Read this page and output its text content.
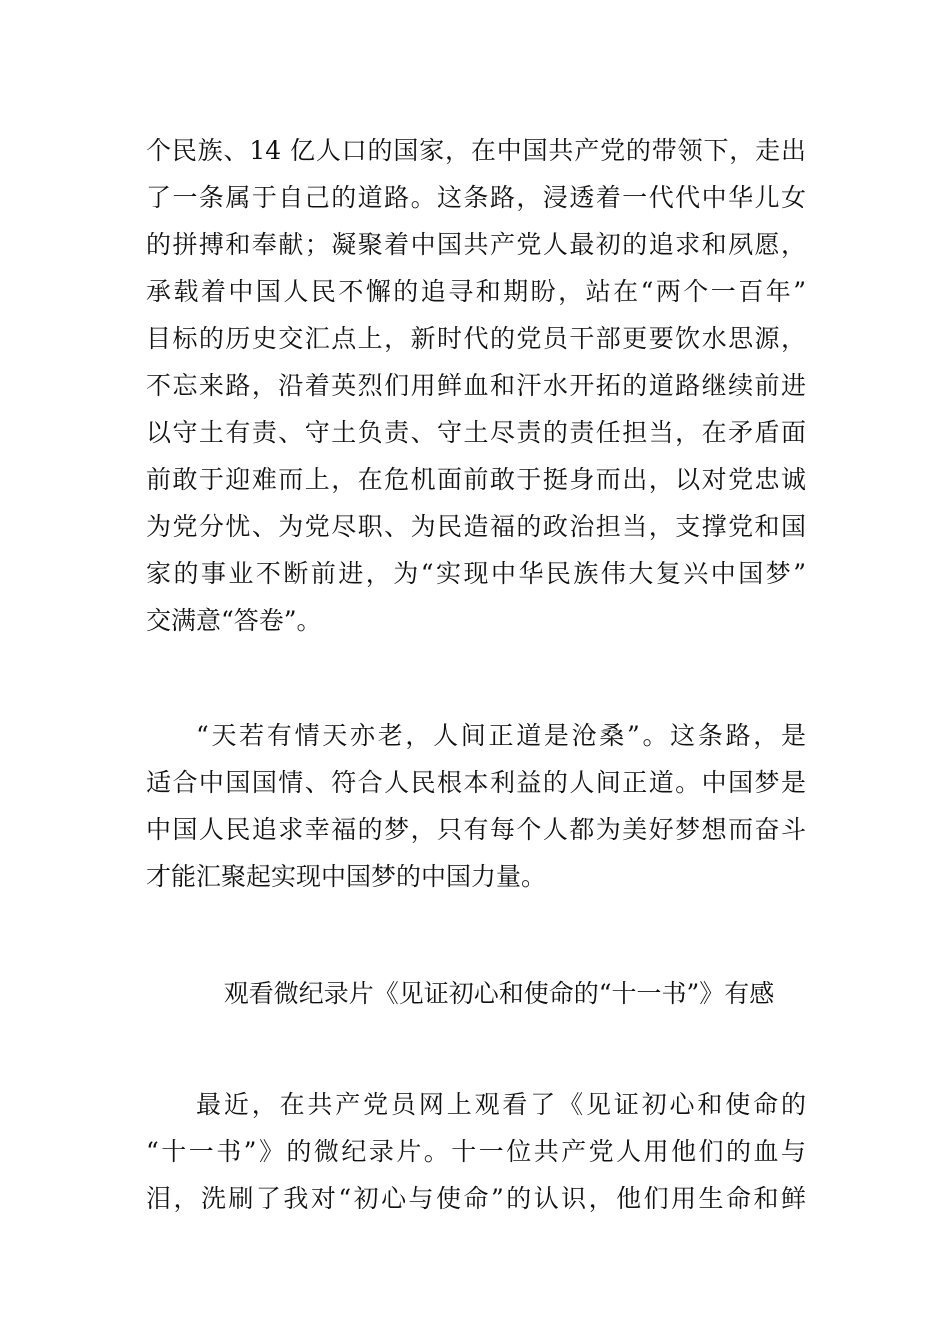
个民族、14 亿人口的国家，在中国共产党的带领下，走出
了一条属于自己的道路。这条路，浸透着一代代中华儿女
的拼搏和奉献；凝聚着中国共产党人最初的追求和夙愿，
承载着中国人民不懈的追寻和期盼，站在“两个一百年”
目标的历史交汇点上，新时代的党员干部更要饮水思源，
不忘来路，沿着英烈们用鲜血和汗水开拓的道路继续前进
以守土有责、守土负责、守土尽责的责任担当，在矛盾面
前敢于迎难而上，在危机面前敢于挺身而出，以对党忠诚
为党分忧、为党尽职、为民造福的政治担当，支撑党和国
家的事业不断前进，为“实现中华民族伟大复兴中国梦”
交满意“答卷”。
“天若有情天亦老，人间正道是沧桑”。这条路，是
适合中国国情、符合人民根本利益的人间正道。中国梦是
中国人民追求幸福的梦，只有每个人都为美好梦想而奋斗
才能汇聚起实现中国梦的中国力量。
观看微纪录片《见证初心和使命的“十一书”》有感
最近，在共产党员网上观看了《见证初心和使命的
“十一书”》的微纪录片。十一位共产党人用他们的血与
泪，洗刷了我对“初心与使命”的认识，他们用生命和鲜
